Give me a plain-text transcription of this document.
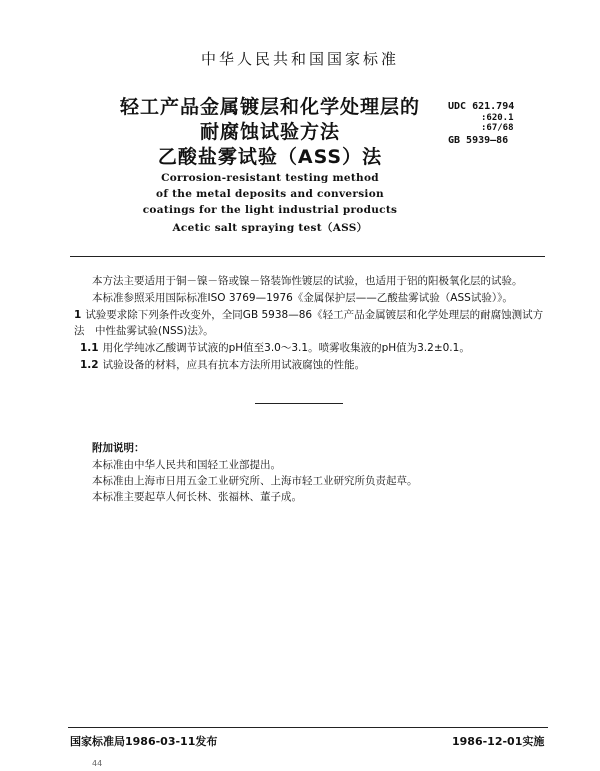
中华人民共和国国家标准
轻工产品金属镀层和化学处理层的
耐腐蚀试验方法
乙酸盐雾试验（ASS）法
Corrosion-resistant testing method
of the metal deposits and conversion
coatings for the light industrial products
Acetic salt spraying test（ASS）
UDC 621.794
:620.1
:67/68
GB 5939—86
本方法主要适用于铜－镍－铬或镍－铬装饰性镀层的试验，也适用于铝的阳极氧化层的试验。
本标准参照采用国际标准ISO 3769—1976《金属保护层——乙酸盐雾试验（ASS试验）》。
1 试验要求除下列条件改变外，全同GB 5938—86《轻工产品金属镀层和化学处理层的耐腐蚀测试方
法　中性盐雾试验(NSS)法》。
1.1 用化学纯冰乙酸调节试液的pH值至3.0～3.1。喷雾收集液的pH值为3.2±0.1。
1.2 试验设备的材料，应具有抗本方法所用试液腐蚀的性能。
附加说明：
本标准由中华人民共和国轻工业部提出。
本标准由上海市日用五金工业研究所、上海市轻工业研究所负责起草。
本标准主要起草人何长林、张福林、董子成。
国家标准局1986-03-11发布	1986-12-01实施
44
